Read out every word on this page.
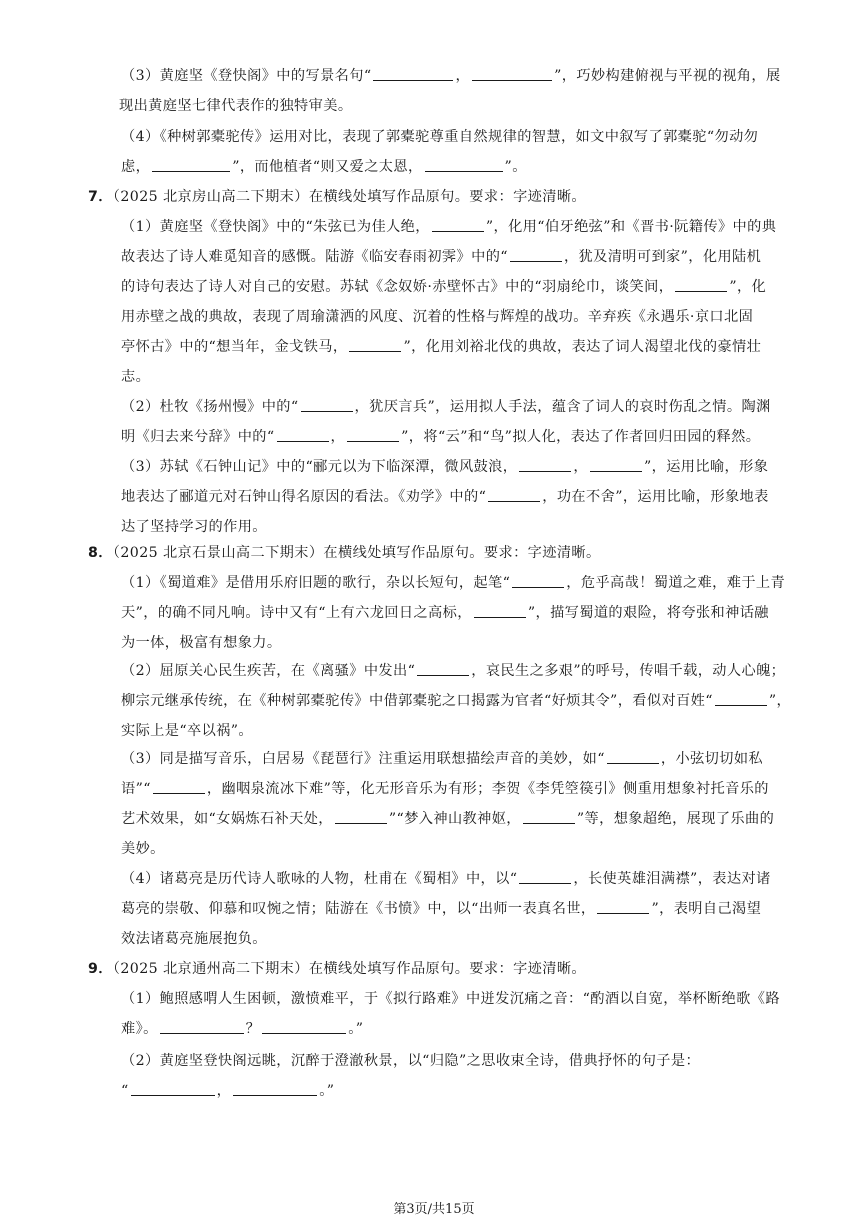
（3）黄庭坚《登快阁》中的写景名句“	，	”，巧妙构建俯视与平视的视角，展
现出黄庭坚七律代表作的独特审美。
（4）《种树郭橐驼传》运用对比，表现了郭橐驼尊重自然规律的智慧，如文中叙写了郭橐驼“勿动勿
虑，	”，而他植者“则又爱之太恩，	”。
7．（2025 北京房山高二下期末）在横线处填写作品原句。要求：字迹清晰。
（1）黄庭坚《登快阁》中的“朱弦已为佳人绝，	”，化用“伯牙绝弦”和《晋书·阮籍传》中的典
故表达了诗人难觅知音的感慨。陆游《临安春雨初霁》中的“	，犹及清明可到家”，化用陆机
的诗句表达了诗人对自己的安慰。苏轼《念奴娇·赤壁怀古》中的“羽扇纶巾，谈笑间，	”，化
用赤壁之战的典故，表现了周瑜潇洒的风度、沉着的性格与辉煌的战功。辛弃疾《永遇乐·京口北固
亭怀古》中的“想当年，金戈铁马，	”，化用刘裕北伐的典故，表达了词人渴望北伐的豪情壮
志。
（2）杜牧《扬州慢》中的“	，犹厌言兵”，运用拟人手法，蕴含了词人的哀时伤乱之情。陶渊
明《归去来兮辞》中的“	，	”，将“云”和“鸟”拟人化，表达了作者回归田园的释然。
（3）苏轼《石钟山记》中的“郦元以为下临深潭，微风鼓浪，	，	”，运用比喻，形象
地表达了郦道元对石钟山得名原因的看法。《劝学》中的“	，功在不舍”，运用比喻，形象地表
达了坚持学习的作用。
8．（2025 北京石景山高二下期末）在横线处填写作品原句。要求：字迹清晰。
（1）《蜀道难》是借用乐府旧题的歌行，杂以长短句，起笔“	，危乎高哉！蜀道之难，难于上青
天”，的确不同凡响。诗中又有“上有六龙回日之高标，	”，描写蜀道的艰险，将夸张和神话融
为一体，极富有想象力。
（2）屈原关心民生疾苦，在《离骚》中发出“	，哀民生之多艰”的呼号，传唱千载，动人心魄；
柳宗元继承传统，在《种树郭橐驼传》中借郭橐驼之口揭露为官者“好烦其令”，看似对百姓“	”，
实际上是“卒以祸”。
（3）同是描写音乐，白居易《琵琶行》注重运用联想描绘声音的美妙，如“	，小弦切切如私
语”“	，幽咽泉流冰下难”等，化无形音乐为有形；李贺《李凭箜篌引》侧重用想象衬托音乐的
艺术效果，如“女娲炼石补天处，	”“梦入神山教神妪，	”等，想象超绝，展现了乐曲的
美妙。
（4）诸葛亮是历代诗人歌咏的人物，杜甫在《蜀相》中，以“	，长使英雄泪满襟”，表达对诸
葛亮的崇敬、仰慕和叹惋之情；陆游在《书愤》中，以“出师一表真名世，	”，表明自己渴望
效法诸葛亮施展抱负。
9．（2025 北京通州高二下期末）在横线处填写作品原句。要求：字迹清晰。
（1）鲍照感喟人生困顿，激愤难平，于《拟行路难》中迸发沉痛之音：“酌酒以自宽，举杯断绝歌《路
难》。	？	。”
（2）黄庭坚登快阁远眺，沉醉于澄澈秋景，以“归隐”之思收束全诗，借典抒怀的句子是：
“	，	。”
第3页/共15页
